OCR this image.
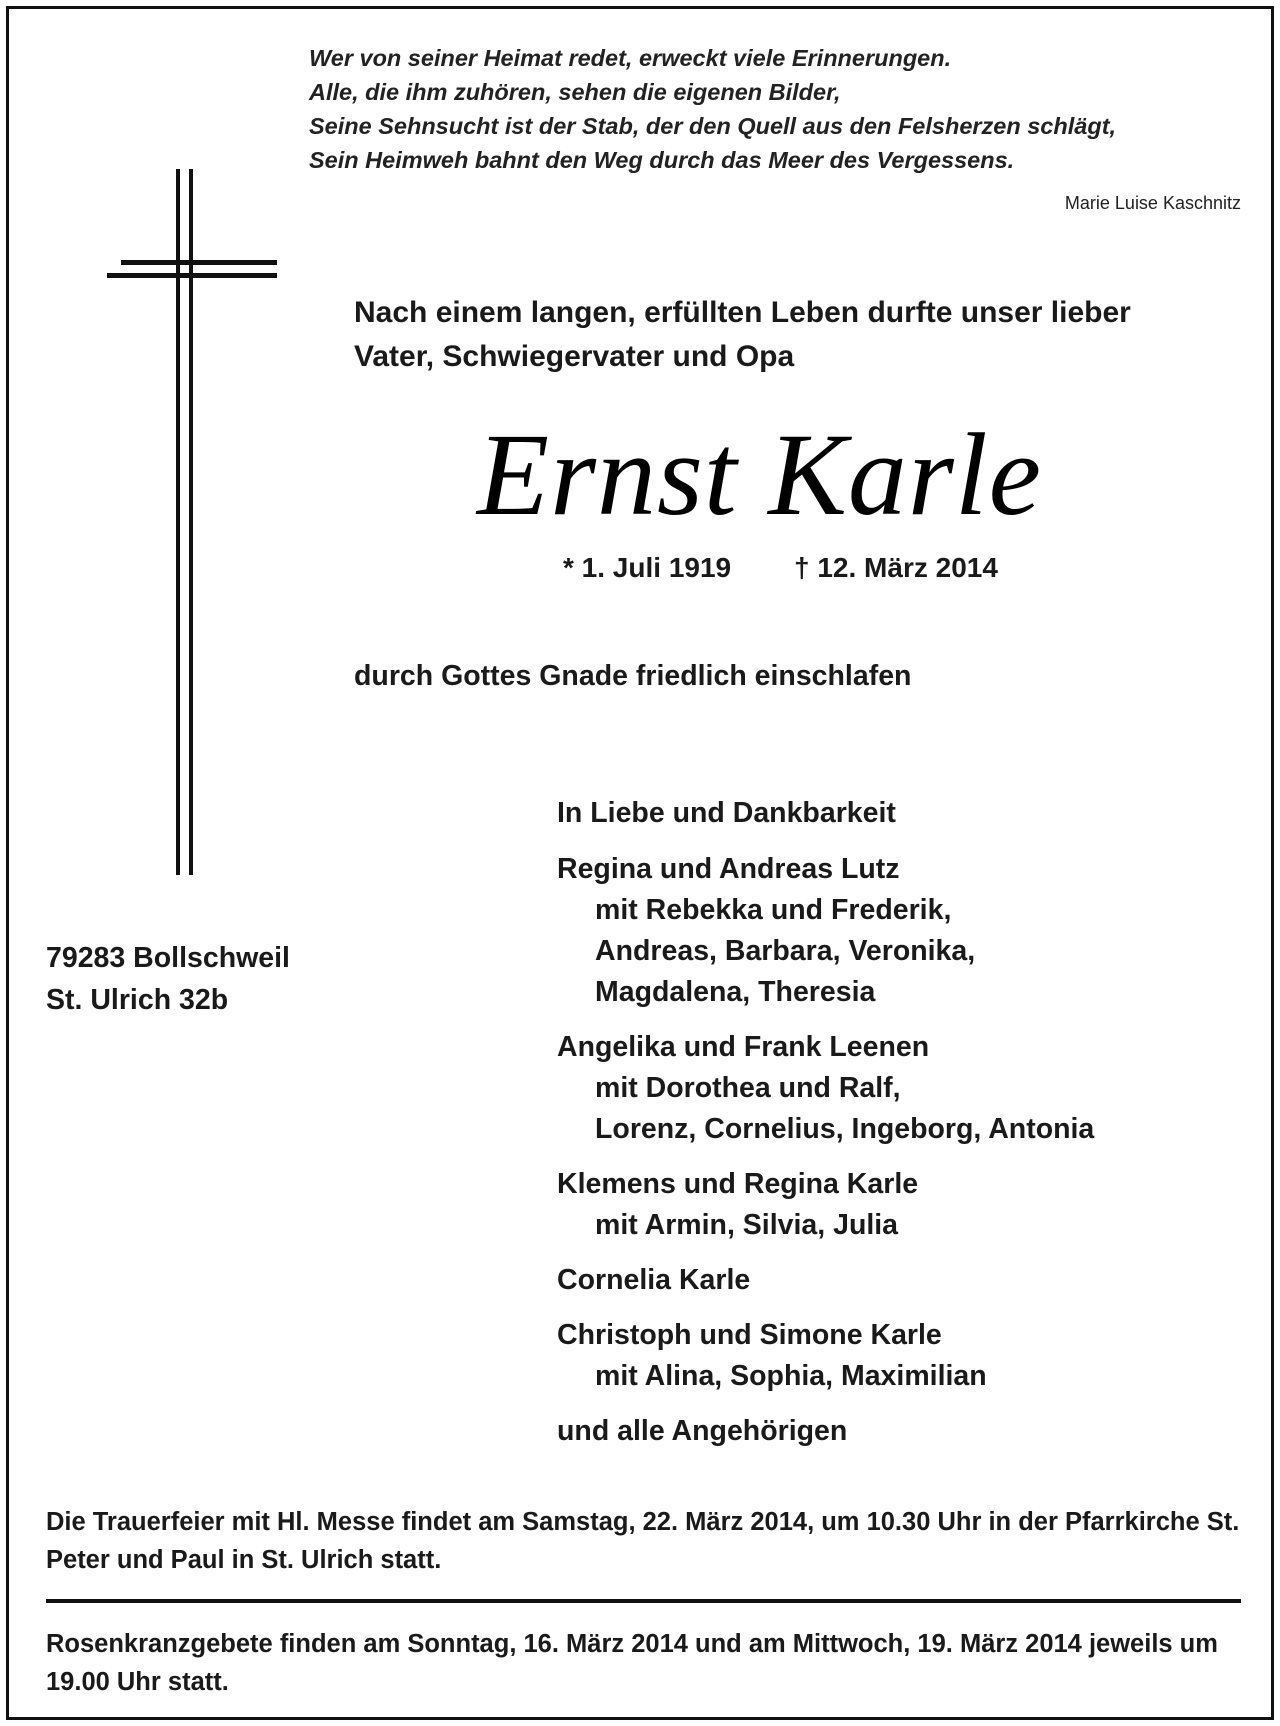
Wer von seiner Heimat redet, erweckt viele Erinnerungen.
Alle, die ihm zuhören, sehen die eigenen Bilder,
Seine Sehnsucht ist der Stab, der den Quell aus den Felsherzen schlägt,
Sein Heimweh bahnt den Weg durch das Meer des Vergessens.
Marie Luise Kaschnitz
Nach einem langen, erfüllten Leben durfte unser lieber
Vater, Schwiegervater und Opa
Ernst Karle
* 1. Juli 1919 † 12. März 2014
durch Gottes Gnade friedlich einschlafen
79283 Bollschweil
St. Ulrich 32b
In Liebe und Dankbarkeit
Regina und Andreas Lutz
mit Rebekka und Frederik,
Andreas, Barbara, Veronika,
Magdalena, Theresia
Angelika und Frank Leenen
mit Dorothea und Ralf,
Lorenz, Cornelius, Ingeborg, Antonia
Klemens und Regina Karle
mit Armin, Silvia, Julia
Cornelia Karle
Christoph und Simone Karle
mit Alina, Sophia, Maximilian
und alle Angehörigen
Die Trauerfeier mit Hl. Messe findet am Samstag, 22. März 2014, um 10.30 Uhr in der Pfarrkirche St. Peter und Paul in St. Ulrich statt.
Rosenkranzgebete finden am Sonntag, 16. März 2014 und am Mittwoch, 19. März 2014 jeweils um 19.00 Uhr statt.
